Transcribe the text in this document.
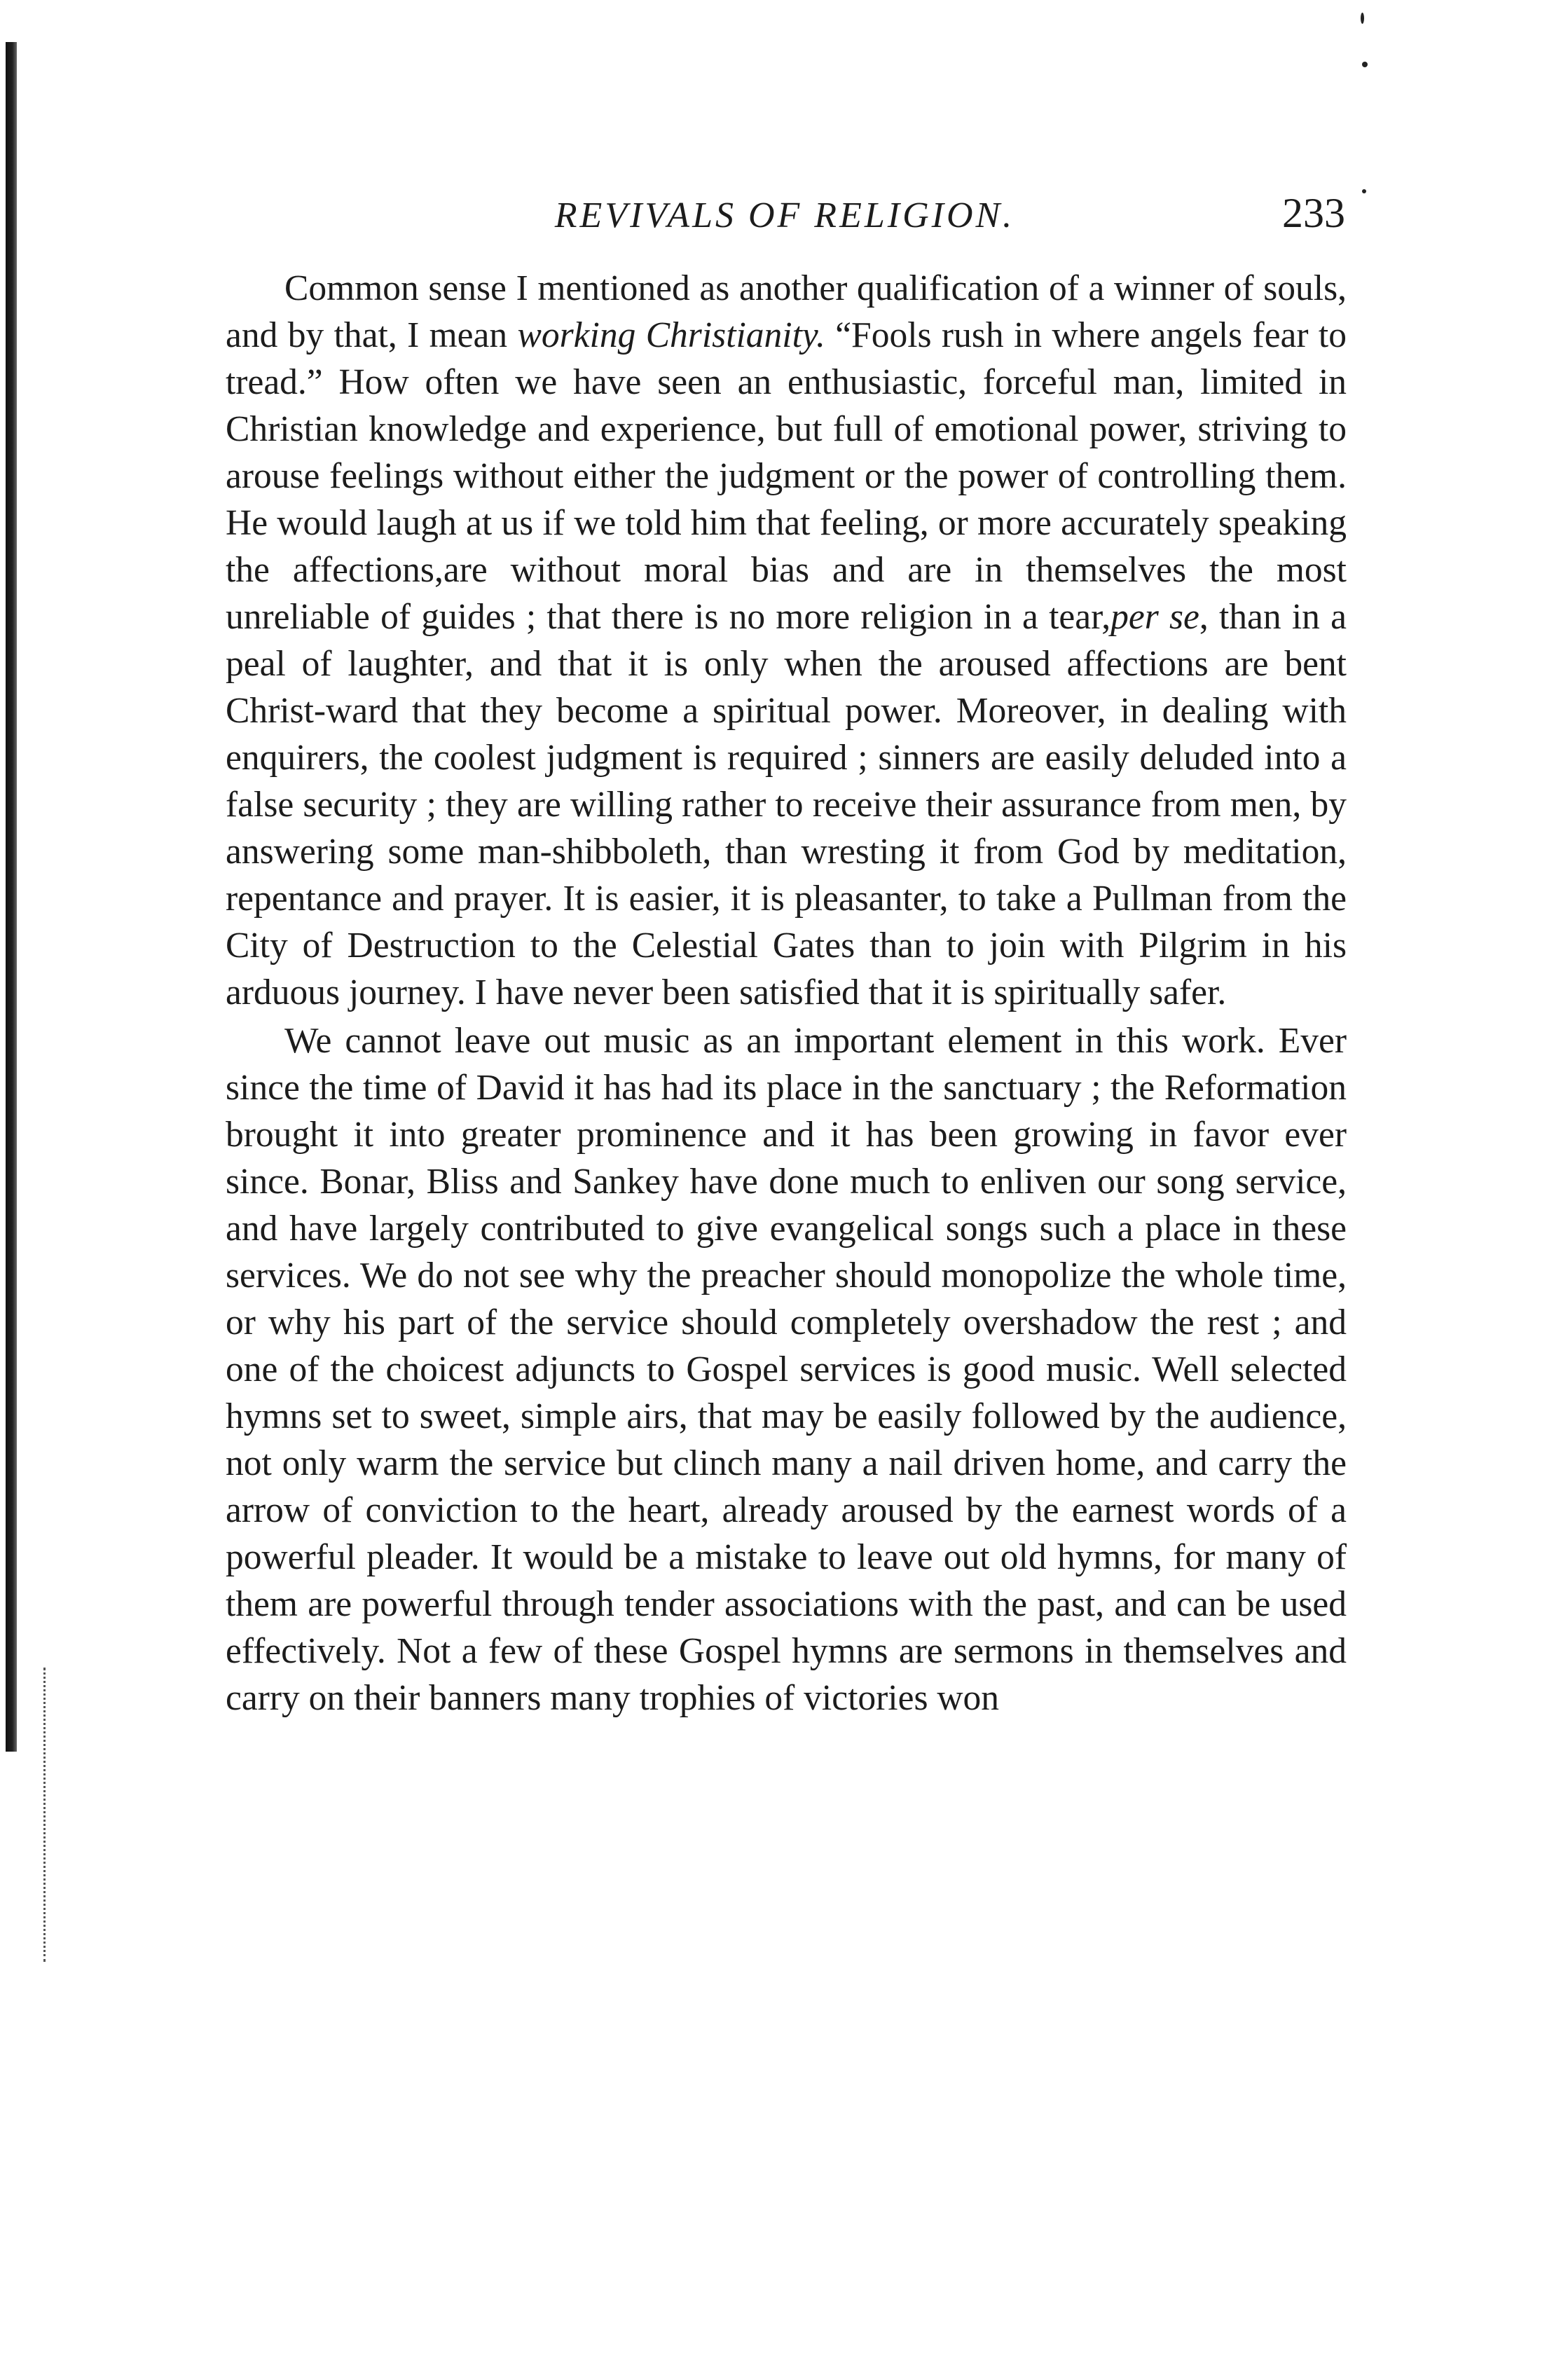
REVIVALS OF RELIGION.	233

Common sense I mentioned as another qualification of a winner of souls, and by that, I mean working Christianity. “Fools rush in where angels fear to tread.” How often we have seen an enthusiastic, forceful man, limited in Christian knowledge and experience, but full of emotional power, striving to arouse feelings without either the judgment or the power of controlling them. He would laugh at us if we told him that feeling, or more accurately speaking the affections,are without moral bias and are in themselves the most unreliable of guides ; that there is no more religion in a tear,per se, than in a peal of laughter, and that it is only when the aroused affections are bent Christ-ward that they become a spiritual power. Moreover, in dealing with enquirers, the coolest judgment is required ; sinners are easily deluded into a false security ; they are willing rather to receive their assurance from men, by answering some man-shibboleth, than wresting it from God by meditation, repentance and prayer. It is easier, it is pleasanter, to take a Pullman from the City of Destruction to the Celestial Gates than to join with Pilgrim in his arduous journey. I have never been satisfied that it is spiritually safer.

We cannot leave out music as an important element in this work. Ever since the time of David it has had its place in the sanctuary ; the Reformation brought it into greater prominence and it has been growing in favor ever since. Bonar, Bliss and Sankey have done much to enliven our song service, and have largely contributed to give evangelical songs such a place in these services. We do not see why the preacher should monopolize the whole time, or why his part of the service should completely overshadow the rest ; and one of the choicest adjuncts to Gospel services is good music. Well selected hymns set to sweet, simple airs, that may be easily followed by the audience, not only warm the service but clinch many a nail driven home, and carry the arrow of conviction to the heart, already aroused by the earnest words of a powerful pleader. It would be a mistake to leave out old hymns, for many of them are powerful through tender associations with the past, and can be used effectively. Not a few of these Gospel hymns are sermons in themselves and carry on their banners many trophies of victories won
